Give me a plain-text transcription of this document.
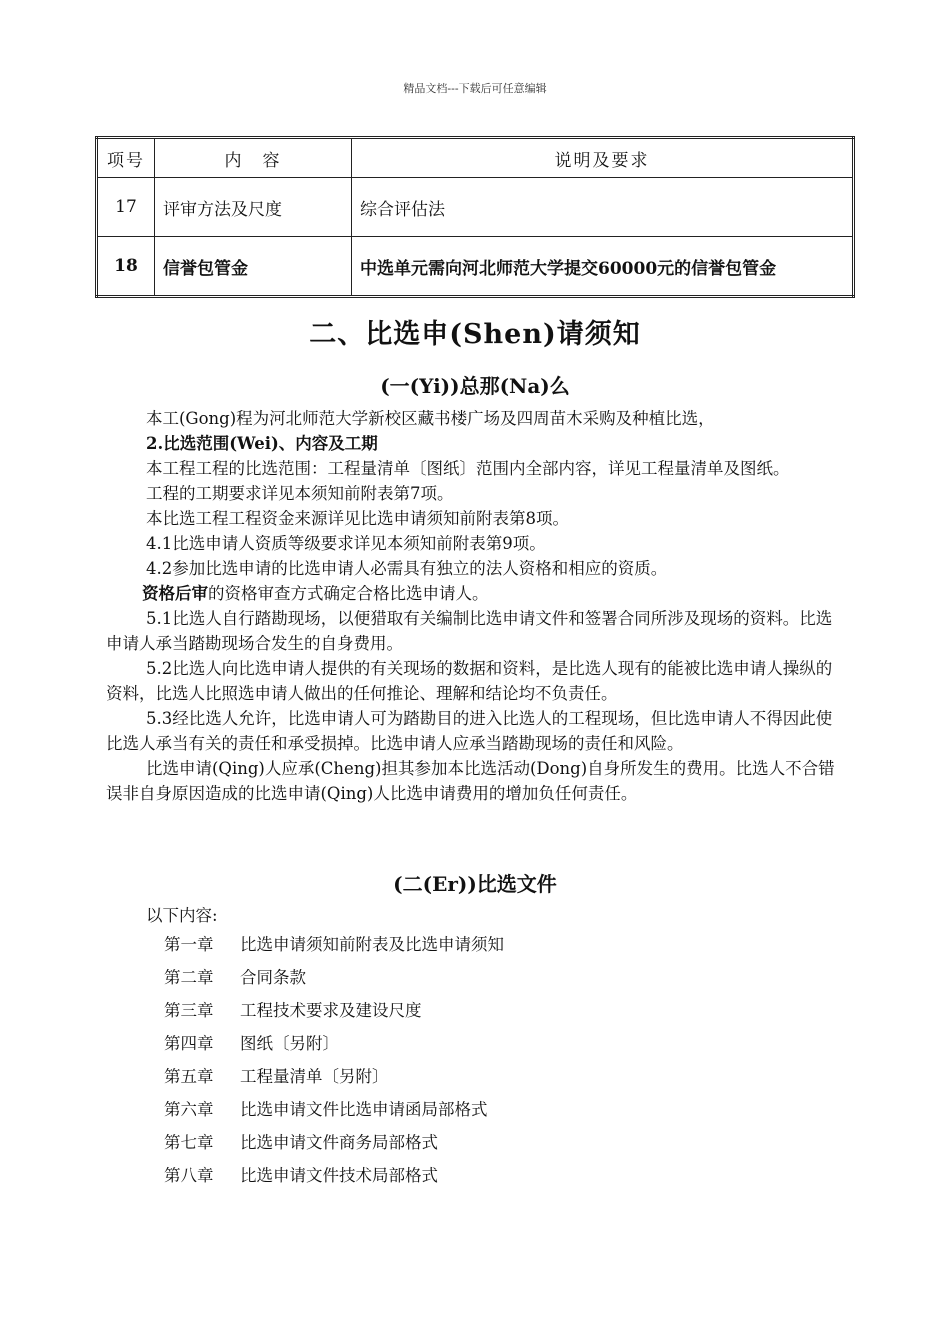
精品文档---下载后可任意编辑
项号	内　容	说明及要求
17	评审方法及尺度	综合评估法
18	信誉包管金	中选单元需向河北师范大学提交60000元的信誉包管金
二、比选申(Shen)请须知
(一(Yi))总那(Na)么

本工(Gong)程为河北师范大学新校区藏书楼广场及四周苗木采购及种植比选，

2.比选范围(Wei)、内容及工期

本工程工程的比选范围：工程量清单〔图纸〕范围内全部内容，详见工程量清单及图纸。

工程的工期要求详见本须知前附表第7项。

本比选工程工程资金来源详见比选申请须知前附表第8项。

4.1比选申请人资质等级要求详见本须知前附表第9项。

4.2参加比选申请的比选申请人必需具有独立的法人资格和相应的资质。

资格后审的资格审查方式确定合格比选申请人。

5.1比选人自行踏勘现场，以便猎取有关编制比选申请文件和签署合同所涉及现场的资料。比选申请人承当踏勘现场合发生的自身费用。

5.2比选人向比选申请人提供的有关现场的数据和资料，是比选人现有的能被比选申请人操纵的资料，比选人比照选申请人做出的任何推论、理解和结论均不负责任。

5.3经比选人允许，比选申请人可为踏勘目的进入比选人的工程现场，但比选申请人不得因此使比选人承当有关的责任和承受损掉。比选申请人应承当踏勘现场的责任和风险。

比选申请(Qing)人应承(Cheng)担其参加本比选活动(Dong)自身所发生的费用。比选人不合错误非自身原因造成的比选申请(Qing)人比选申请费用的增加负任何责任。

(二(Er))比选文件
以下内容:
第一章 比选申请须知前附表及比选申请须知
第二章 合同条款
第三章 工程技术要求及建设尺度
第四章 图纸〔另附〕
第五章 工程量清单〔另附〕
第六章 比选申请文件比选申请函局部格式
第七章 比选申请文件商务局部格式
第八章 比选申请文件技术局部格式
